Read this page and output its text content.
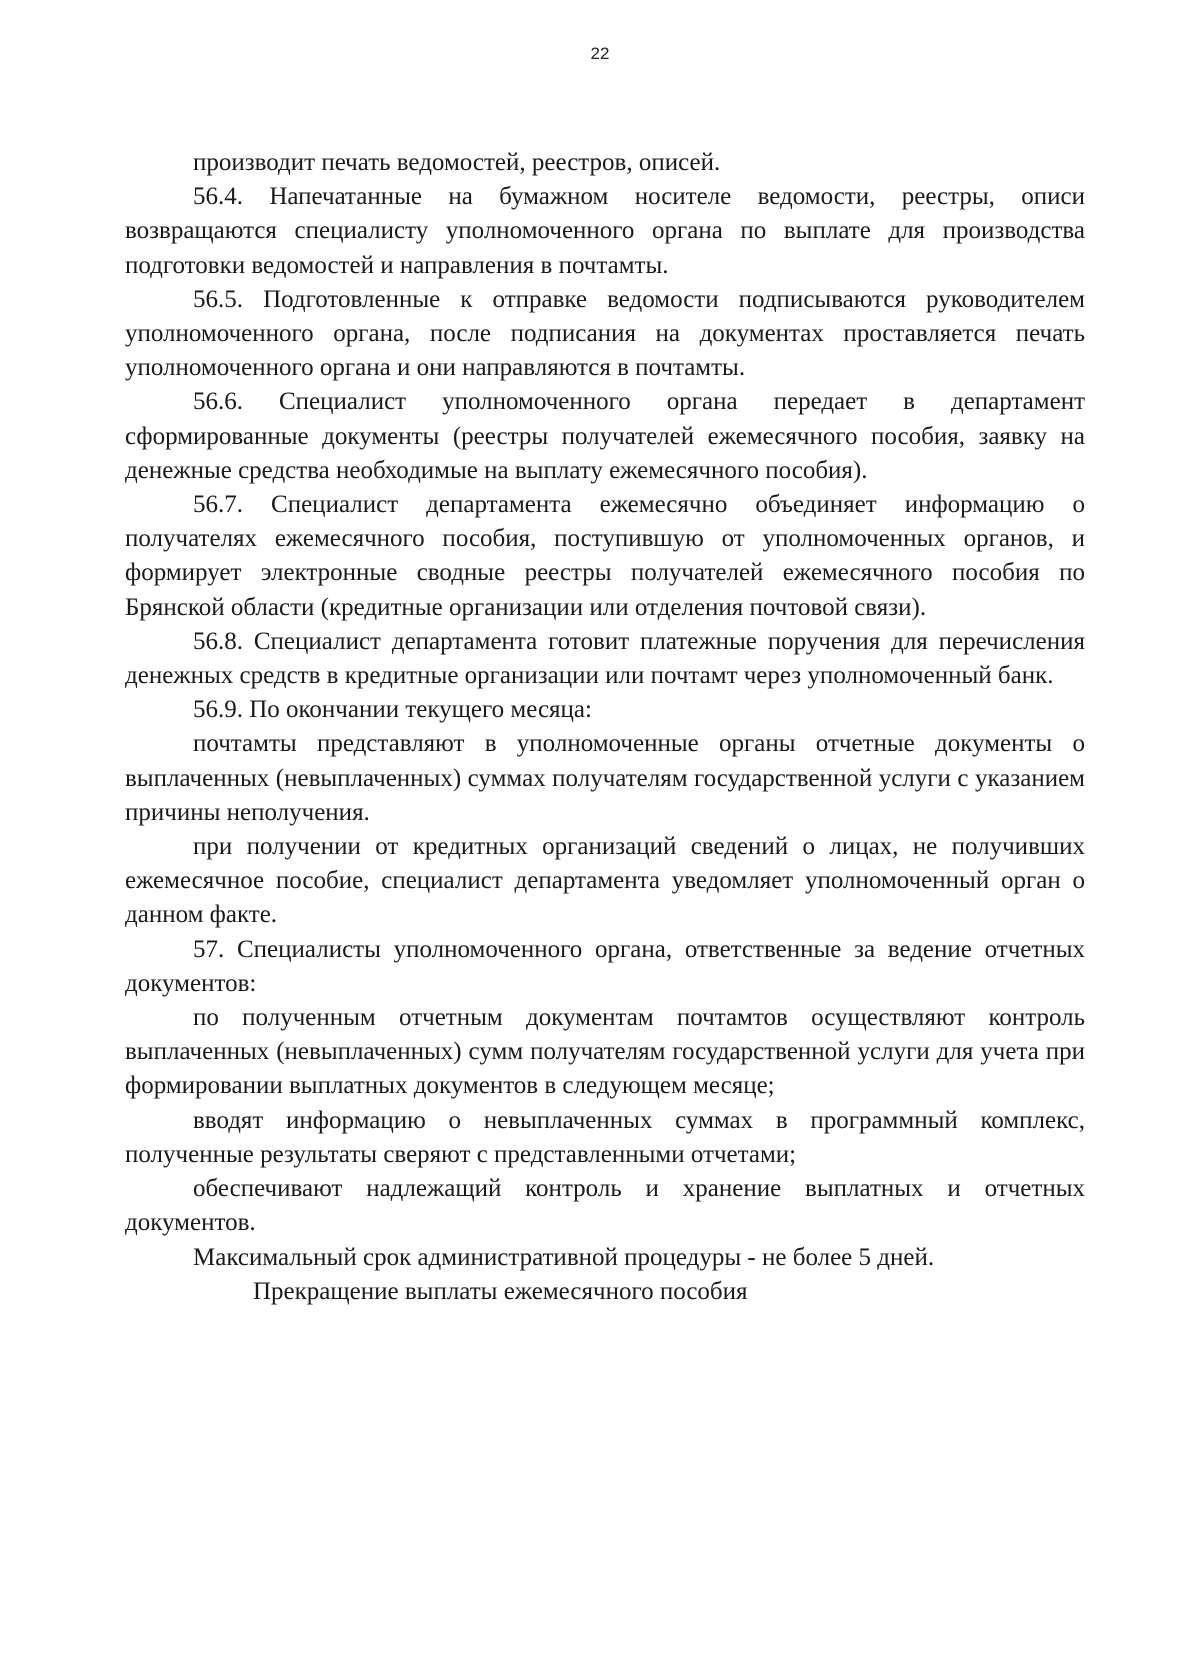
22

производит печать ведомостей, реестров, описей.

56.4. Напечатанные на бумажном носителе ведомости, реестры, описи возвращаются специалисту уполномоченного органа по выплате для производства подготовки ведомостей и направления в почтамты.

56.5. Подготовленные к отправке ведомости подписываются руководителем уполномоченного органа, после подписания на документах проставляется печать уполномоченного органа и они направляются в почтамты.

56.6. Специалист уполномоченного органа передает в департамент сформированные документы (реестры получателей ежемесячного пособия, заявку на денежные средства необходимые на выплату ежемесячного пособия).

56.7. Специалист департамента ежемесячно объединяет информацию о получателях ежемесячного пособия, поступившую от уполномоченных органов, и формирует электронные сводные реестры получателей ежемесячного пособия по Брянской области (кредитные организации или отделения почтовой связи).

56.8. Специалист департамента готовит платежные поручения для перечисления денежных средств в кредитные организации или почтамт через уполномоченный банк.

56.9. По окончании текущего месяца:

почтамты представляют в уполномоченные органы отчетные документы о выплаченных (невыплаченных) суммах получателям государственной услуги с указанием причины неполучения.

при получении от кредитных организаций сведений о лицах, не получивших ежемесячное пособие, специалист департамента уведомляет уполномоченный орган о данном факте.

57. Специалисты уполномоченного органа, ответственные за ведение отчетных документов:

по полученным отчетным документам почтамтов осуществляют контроль выплаченных (невыплаченных) сумм получателям государственной услуги для учета при формировании выплатных документов в следующем месяце;

вводят информацию о невыплаченных суммах в программный комплекс, полученные результаты сверяют с представленными отчетами;

обеспечивают надлежащий контроль и хранение выплатных и отчетных документов.

Максимальный срок административной процедуры - не более 5 дней.

Прекращение выплаты ежемесячного пособия
